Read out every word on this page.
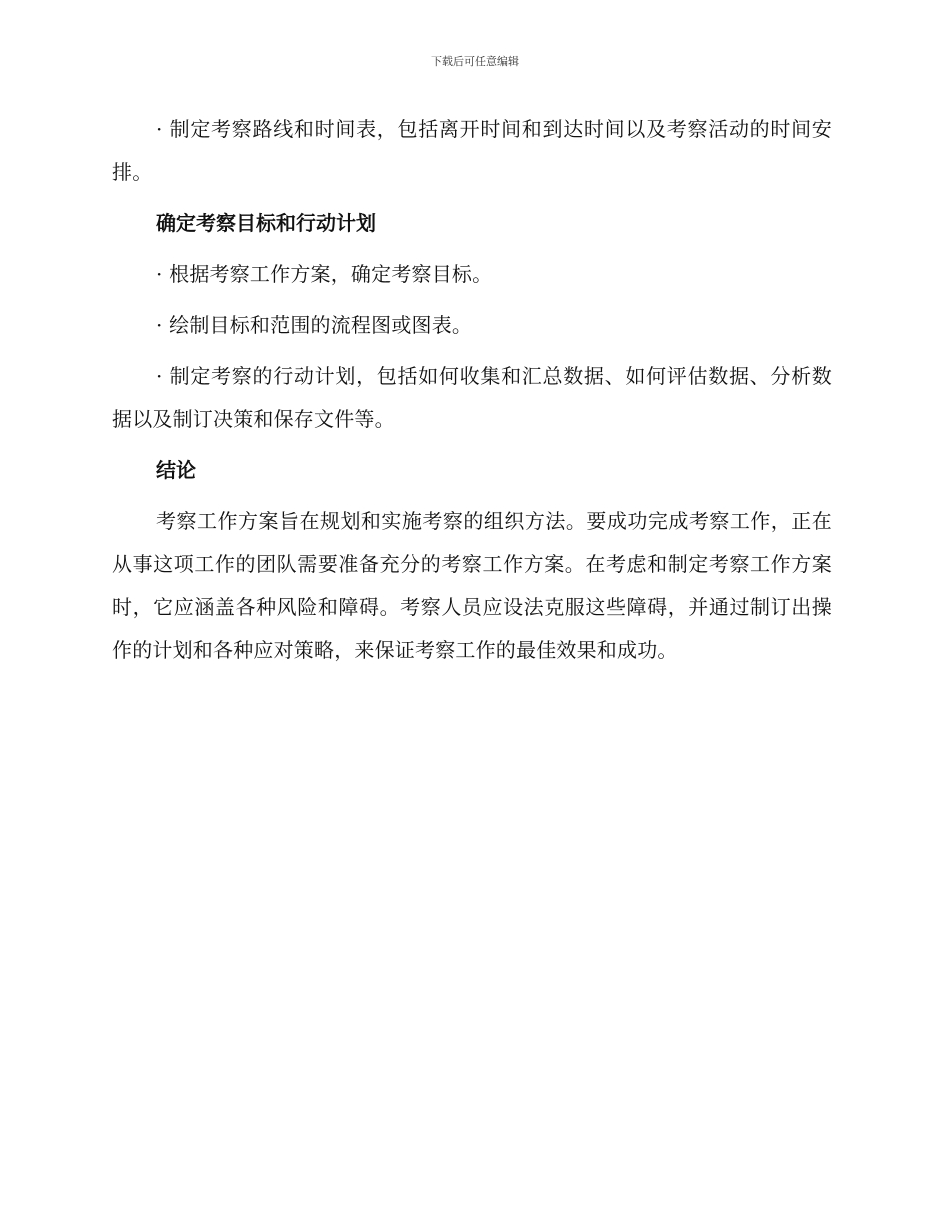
下载后可任意编辑

· 制定考察路线和时间表，包括离开时间和到达时间以及考察活动的时间安排。

确定考察目标和行动计划

· 根据考察工作方案，确定考察目标。

· 绘制目标和范围的流程图或图表。

· 制定考察的行动计划，包括如何收集和汇总数据、如何评估数据、分析数据以及制订决策和保存文件等。

结论

考察工作方案旨在规划和实施考察的组织方法。要成功完成考察工作，正在从事这项工作的团队需要准备充分的考察工作方案。在考虑和制定考察工作方案时，它应涵盖各种风险和障碍。考察人员应设法克服这些障碍，并通过制订出操作的计划和各种应对策略，来保证考察工作的最佳效果和成功。
